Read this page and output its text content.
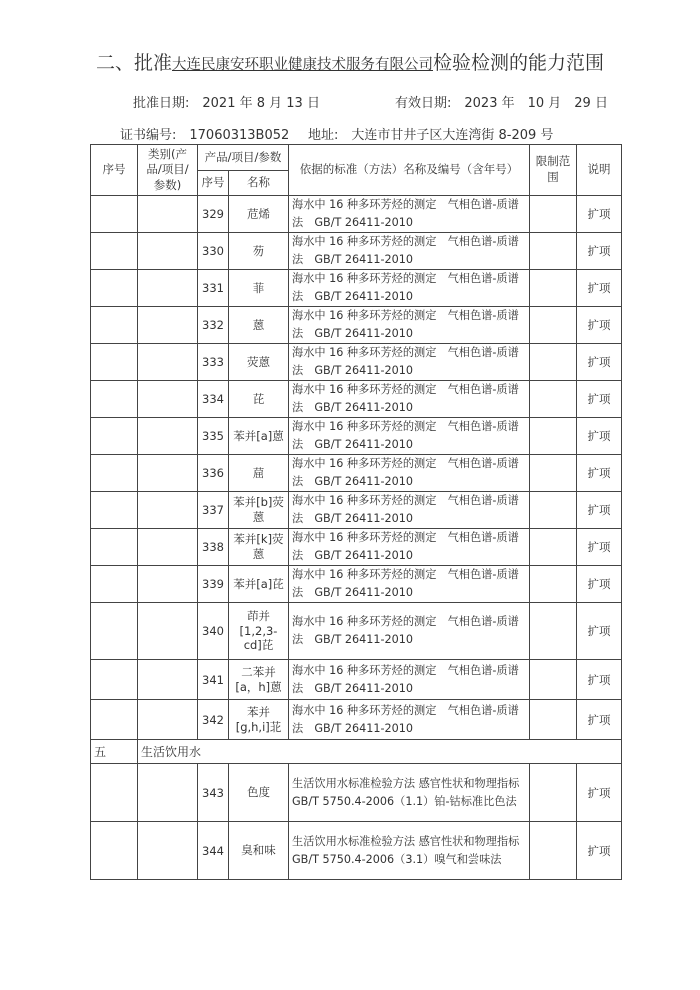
二、批准大连民康安环职业健康技术服务有限公司检验检测的能力范围
批准日期:　2021 年 8 月 13 日	有效日期:　2023 年　10 月　29 日
证书编号:　17060313B052 地址:　大连市甘井子区大连湾街 8-209 号
序号	类别(产品/项目/参数)	产品/项目/参数		依据的标准（方法）名称及编号（含年号）	限制范围	说明
		序号	名称			
		329	苊烯	海水中 16 种多环芳烃的测定　气相色谱-质谱法　GB/T 26411-2010		扩项
		330	芴	海水中 16 种多环芳烃的测定　气相色谱-质谱法　GB/T 26411-2010		扩项
		331	菲	海水中 16 种多环芳烃的测定　气相色谱-质谱法　GB/T 26411-2010		扩项
		332	蒽	海水中 16 种多环芳烃的测定　气相色谱-质谱法　GB/T 26411-2010		扩项
		333	荧蒽	海水中 16 种多环芳烃的测定　气相色谱-质谱法　GB/T 26411-2010		扩项
		334	芘	海水中 16 种多环芳烃的测定　气相色谱-质谱法　GB/T 26411-2010		扩项
		335	苯并[a]蒽	海水中 16 种多环芳烃的测定　气相色谱-质谱法　GB/T 26411-2010		扩项
		336	䓛	海水中 16 种多环芳烃的测定　气相色谱-质谱法　GB/T 26411-2010		扩项
		337	苯并[b]荧蒽	海水中 16 种多环芳烃的测定　气相色谱-质谱法　GB/T 26411-2010		扩项
		338	苯并[k]荧蒽	海水中 16 种多环芳烃的测定　气相色谱-质谱法　GB/T 26411-2010		扩项
		339	苯并[a]芘	海水中 16 种多环芳烃的测定　气相色谱-质谱法　GB/T 26411-2010		扩项
		340	茚并[1,2,3-cd]芘	海水中 16 种多环芳烃的测定　气相色谱-质谱法　GB/T 26411-2010		扩项
		341	二苯并[a，h]蒽	海水中 16 种多环芳烃的测定　气相色谱-质谱法　GB/T 26411-2010		扩项
		342	苯并[g,h,i]苝	海水中 16 种多环芳烃的测定　气相色谱-质谱法　GB/T 26411-2010		扩项
五	生活饮用水					
		343	色度	生活饮用水标准检验方法 感官性状和物理指标 GB/T 5750.4-2006（1.1）铂-钴标准比色法		扩项
		344	臭和味	生活饮用水标准检验方法 感官性状和物理指标 GB/T 5750.4-2006（3.1）嗅气和尝味法		扩项
